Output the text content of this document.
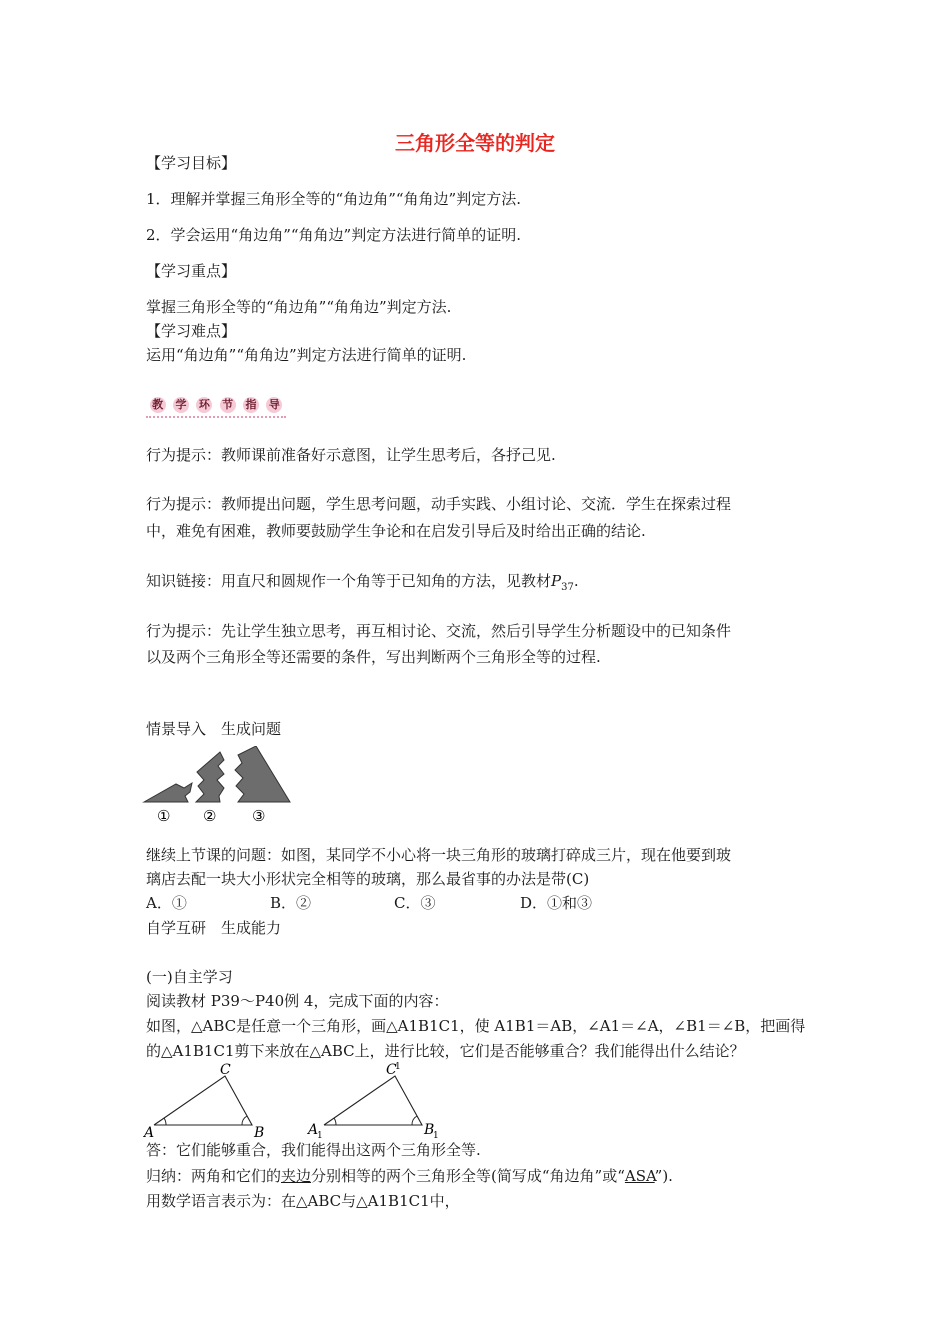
三角形全等的判定
【学习目标】
1．理解并掌握三角形全等的“角边角”“角角边”判定方法.
2．学会运用“角边角”“角角边”判定方法进行简单的证明.
【学习重点】
掌握三角形全等的“角边角”“角角边”判定方法.
【学习难点】
运用“角边角”“角角边”判定方法进行简单的证明.
教 学 环 节 指 导
行为提示：教师课前准备好示意图，让学生思考后，各抒己见.
行为提示：教师提出问题，学生思考问题，动手实践、小组讨论、交流．学生在探索过程
中，难免有困难，教师要鼓励学生争论和在启发引导后及时给出正确的结论.
知识链接：用直尺和圆规作一个角等于已知角的方法，见教材$P_{37}$.
行为提示：先让学生独立思考，再互相讨论、交流，然后引导学生分析题设中的已知条件
以及两个三角形全等还需要的条件，写出判断两个三角形全等的过程.
情景导入　生成问题
① ② ③
继续上节课的问题：如图，某同学不小心将一块三角形的玻璃打碎成三片，现在他要到玻
璃店去配一块大小形状完全相等的玻璃，那么最省事的办法是带(C)
A．①	B．②	C．③	D．①和③
自学互研　生成能力
(一)自主学习
阅读教材 P39～P40例 4，完成下面的内容：
如图，△ABC是任意一个三角形，画△A1B1C1，使 A1B1＝AB，∠A1＝∠A，∠B1＝∠B，把画得
的△A1B1C1剪下来放在△ABC上，进行比较，它们是否能够重合？我们能得出什么结论？
A	B
C
A
1	B
1
C
1
答：它们能够重合，我们能得出这两个三角形全等.
归纳：两角和它们的夹边分别相等的两个三角形全等(简写成“角边角”或“ASA”).
用数学语言表示为：在△ABC与△A1B1C1中，
